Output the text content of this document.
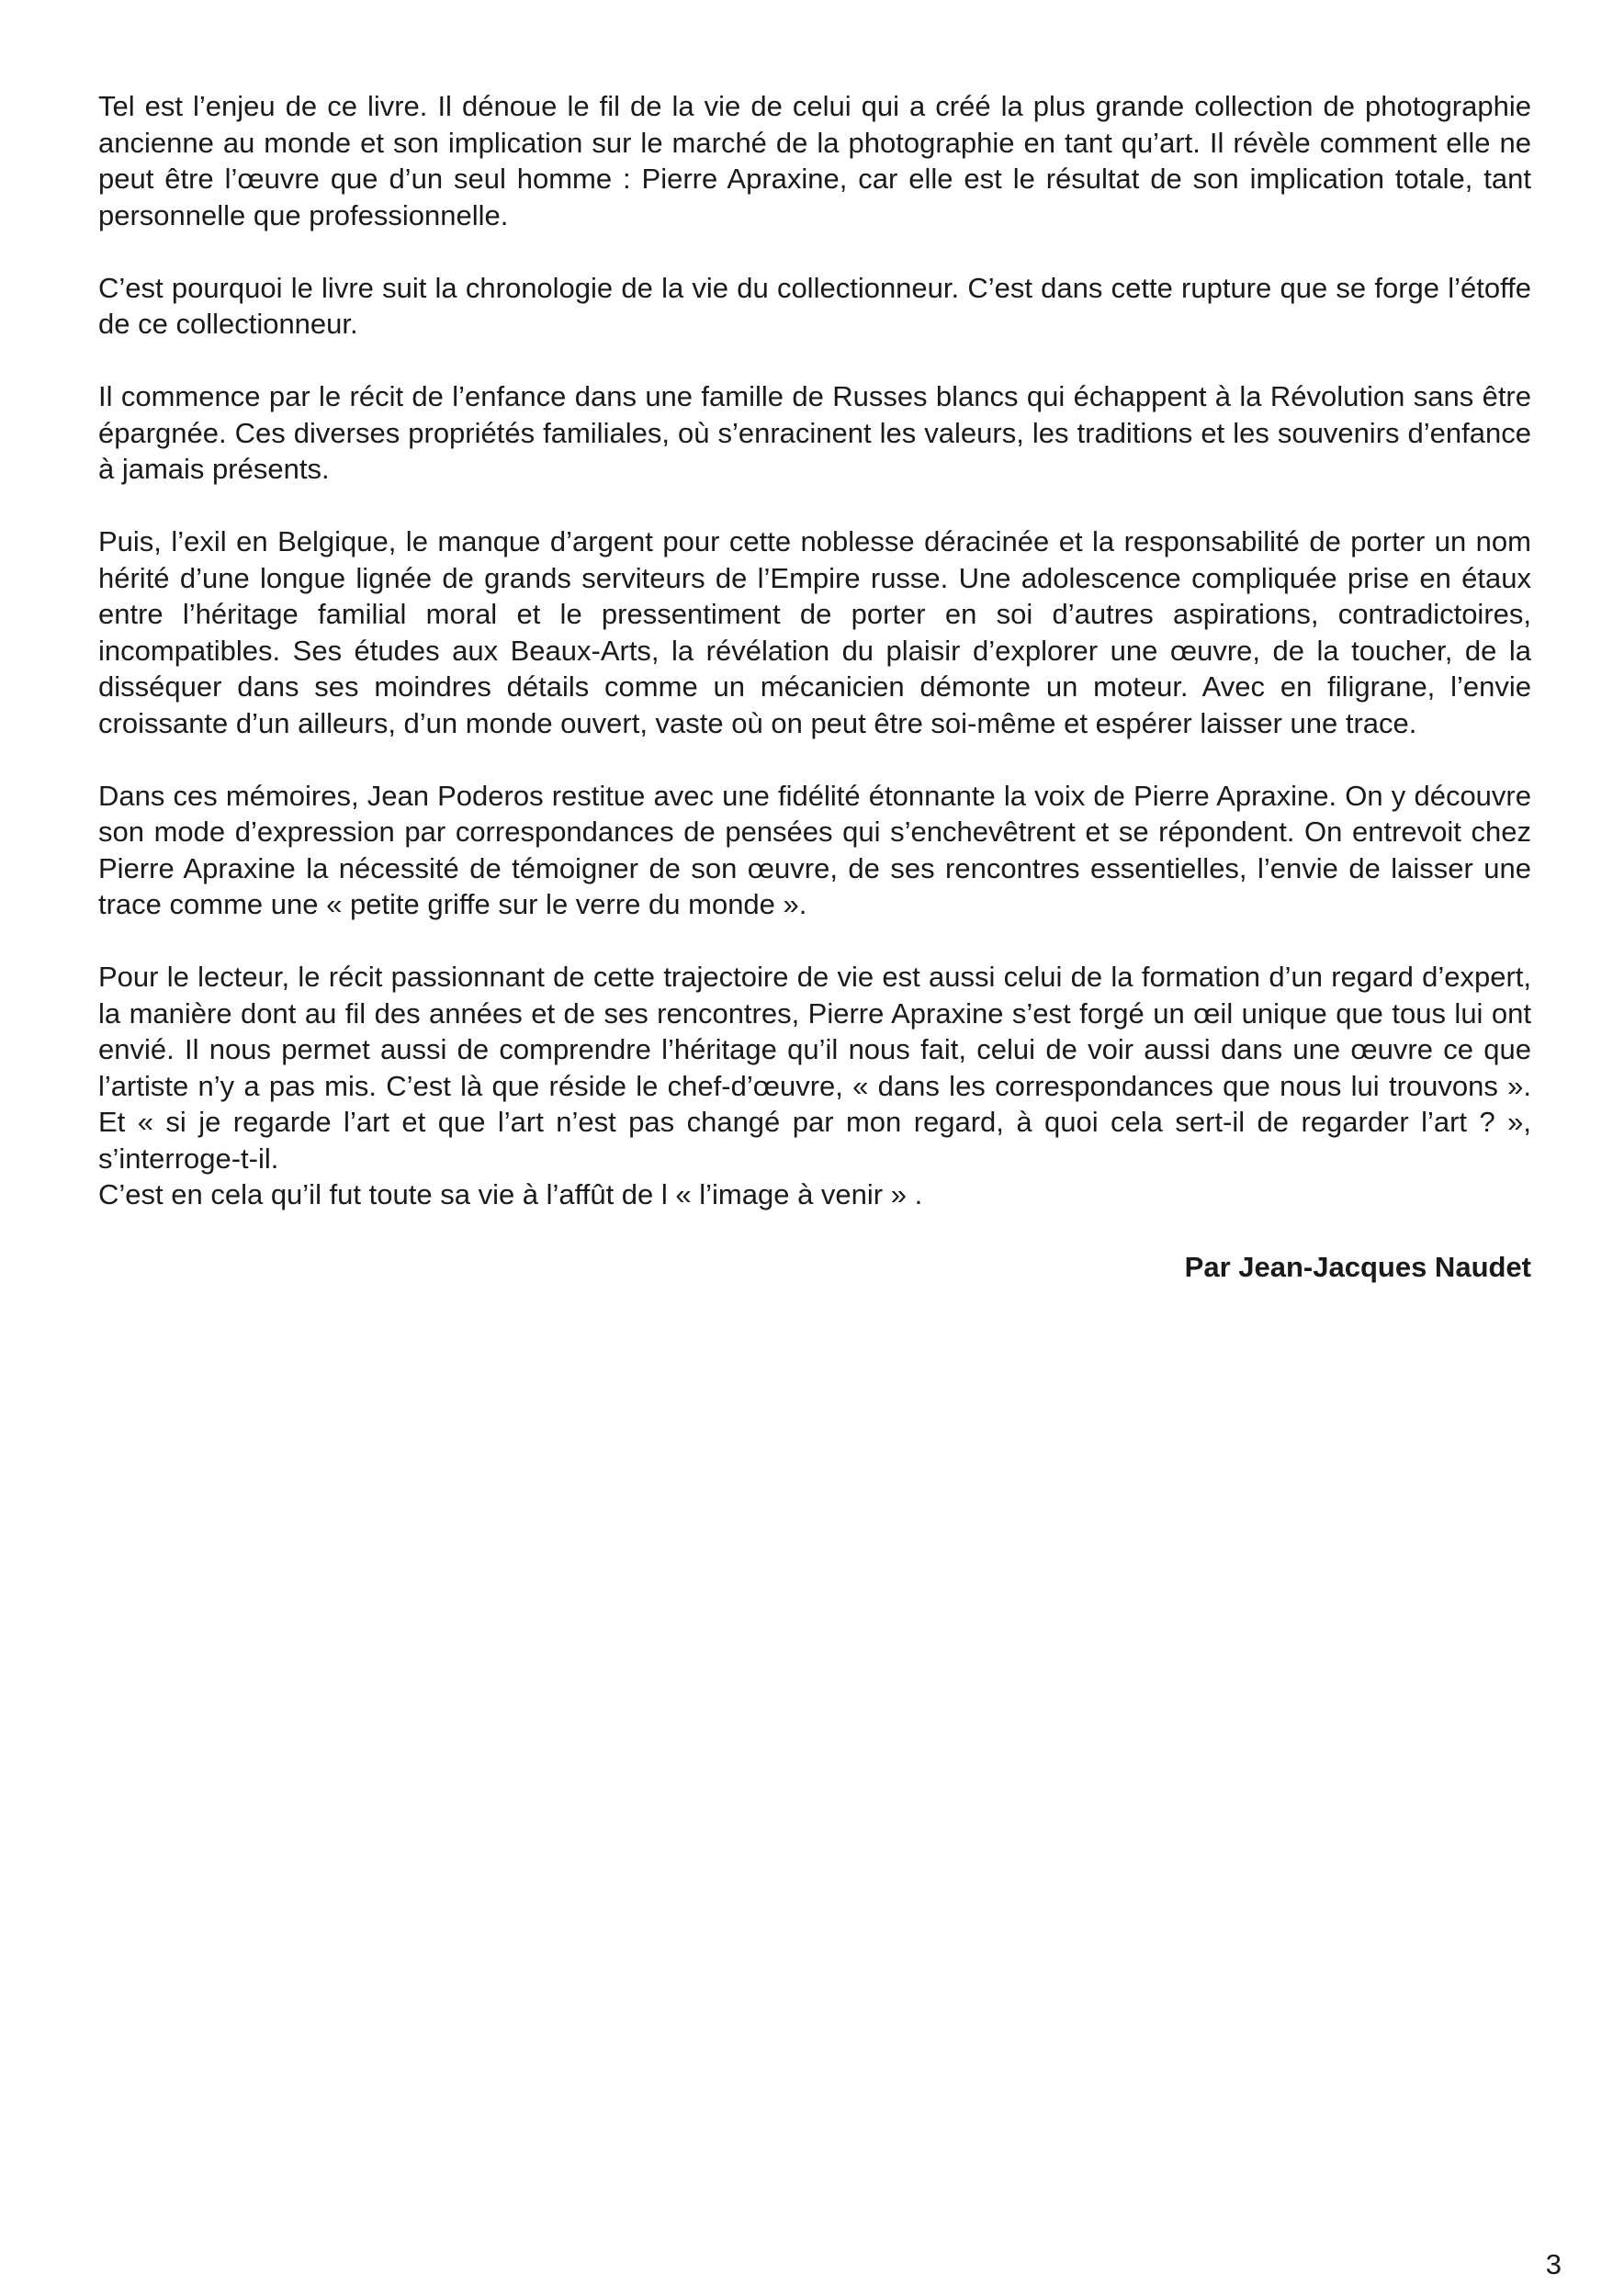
Tel est l’enjeu de ce livre. Il dénoue le fil de la vie de celui qui a créé la plus grande collection de photographie ancienne au monde et son implication sur le marché de la photographie en tant qu’art. Il révèle comment elle ne peut être l’œuvre que d’un seul homme : Pierre Apraxine, car elle est le résultat de son implication totale, tant personnelle que professionnelle.

C’est pourquoi le livre suit la chronologie de la vie du collectionneur. C’est dans cette rupture que se forge l’étoffe de ce collectionneur.

Il commence par le récit de l’enfance dans une famille de Russes blancs qui échappent à la Révolution sans être épargnée. Ces diverses propriétés familiales, où s’enracinent les valeurs, les traditions et les souvenirs d’enfance à jamais présents.

Puis, l’exil en Belgique, le manque d’argent pour cette noblesse déracinée et la responsabilité de porter un nom hérité d’une longue lignée de grands serviteurs de l’Empire russe. Une adolescence compliquée prise en étaux entre l’héritage familial moral et le pressentiment de porter en soi d’autres aspirations, contradictoires, incompatibles. Ses études aux Beaux-Arts, la révélation du plaisir d’explorer une œuvre, de la toucher, de la disséquer dans ses moindres détails comme un mécanicien démonte un moteur. Avec en filigrane, l’envie croissante d’un ailleurs, d’un monde ouvert, vaste où on peut être soi-même et espérer laisser une trace.

Dans ces mémoires, Jean Poderos restitue avec une fidélité étonnante la voix de Pierre Apraxine. On y découvre son mode d’expression par correspondances de pensées qui s’enchevêtrent et se répondent. On entrevoit chez Pierre Apraxine la nécessité de témoigner de son œuvre, de ses rencontres essentielles, l’envie de laisser une trace comme une « petite griffe sur le verre du monde ».

Pour le lecteur, le récit passionnant de cette trajectoire de vie est aussi celui de la formation d’un regard d’expert, la manière dont au fil des années et de ses rencontres, Pierre Apraxine s’est forgé un œil unique que tous lui ont envié. Il nous permet aussi de comprendre l’héritage qu’il nous fait, celui de voir aussi dans une œuvre ce que l’artiste n’y a pas mis. C’est là que réside le chef-d’œuvre, « dans les correspondances que nous lui trouvons ». Et « si je regarde l’art et que l’art n’est pas changé par mon regard, à quoi cela sert-il de regarder l’art ? », s’interroge-t-il.

C’est en cela qu’il fut toute sa vie à l’affût de l « l’image à venir » .

Par Jean-Jacques Naudet
3
